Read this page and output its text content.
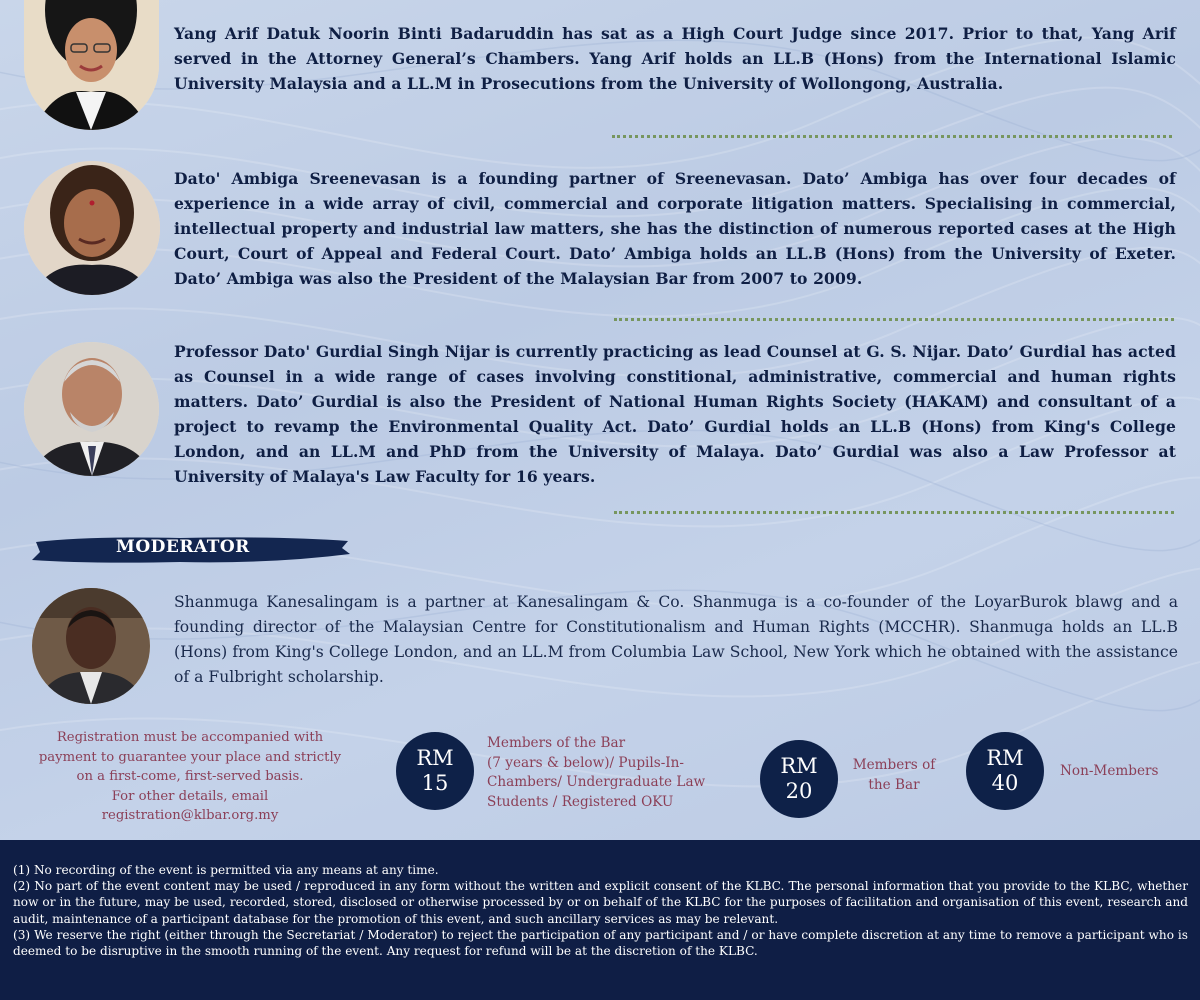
Yang Arif Datuk Noorin Binti Badaruddin has sat as a High Court Judge since 2017. Prior to that, Yang Arif served in the Attorney General’s Chambers. Yang Arif holds an LL.B (Hons) from the International Islamic University Malaysia and a LL.M in Prosecutions from the University of Wollongong, Australia.
Dato' Ambiga Sreenevasan is a founding partner of Sreenevasan. Dato’ Ambiga has over four decades of experience in a wide array of civil, commercial and corporate litigation matters. Specialising in commercial, intellectual property and industrial law matters, she has the distinction of numerous reported cases at the High Court, Court of Appeal and Federal Court. Dato’ Ambiga holds an LL.B (Hons) from the University of Exeter. Dato’ Ambiga was also the President of the Malaysian Bar from 2007 to 2009.
Professor Dato' Gurdial Singh Nijar is currently practicing as lead Counsel at G. S. Nijar. Dato’ Gurdial has acted as Counsel in a wide range of cases involving constitional, administrative, commercial and human rights matters. Dato’ Gurdial is also the President of National Human Rights Society (HAKAM) and consultant of a project to revamp the Environmental Quality Act. Dato’ Gurdial holds an LL.B (Hons) from King's College London, and an LL.M and PhD from the University of Malaya. Dato’ Gurdial was also a Law Professor at University of Malaya's Law Faculty for 16 years.
MODERATOR
Shanmuga Kanesalingam is a partner at Kanesalingam & Co. Shanmuga is a co-founder of the LoyarBurok blawg and a founding director of the Malaysian Centre for Constitutionalism and Human Rights (MCCHR). Shanmuga holds an LL.B (Hons) from King's College London, and an LL.M from Columbia Law School, New York which he obtained with the assistance of a Fulbright scholarship.
Registration must be accompanied with
payment to guarantee your place and strictly
on a first-come, first-served basis.
For other details, email
registration@klbar.org.my
RM
15
Members of the Bar
(7 years & below)/ Pupils-In-
Chambers/ Undergraduate Law
Students / Registered OKU
RM
20
Members of
the Bar
RM
40	Non-Members

(1) No recording of the event is permitted via any means at any time.

(2) No part of the event content may be used / reproduced in any form without the written and explicit consent of the KLBC. The personal information that you provide to the KLBC, whether now or in the future, may be used, recorded, stored, disclosed or otherwise processed by or on behalf of the KLBC for the purposes of facilitation and organisation of this event, research and audit, maintenance of a participant database for the promotion of this event, and such ancillary services as may be relevant.

(3) We reserve the right (either through the Secretariat / Moderator) to reject the participation of any participant and / or have complete discretion at any time to remove a participant who is deemed to be disruptive in the smooth running of the event. Any request for refund will be at the discretion of the KLBC.
